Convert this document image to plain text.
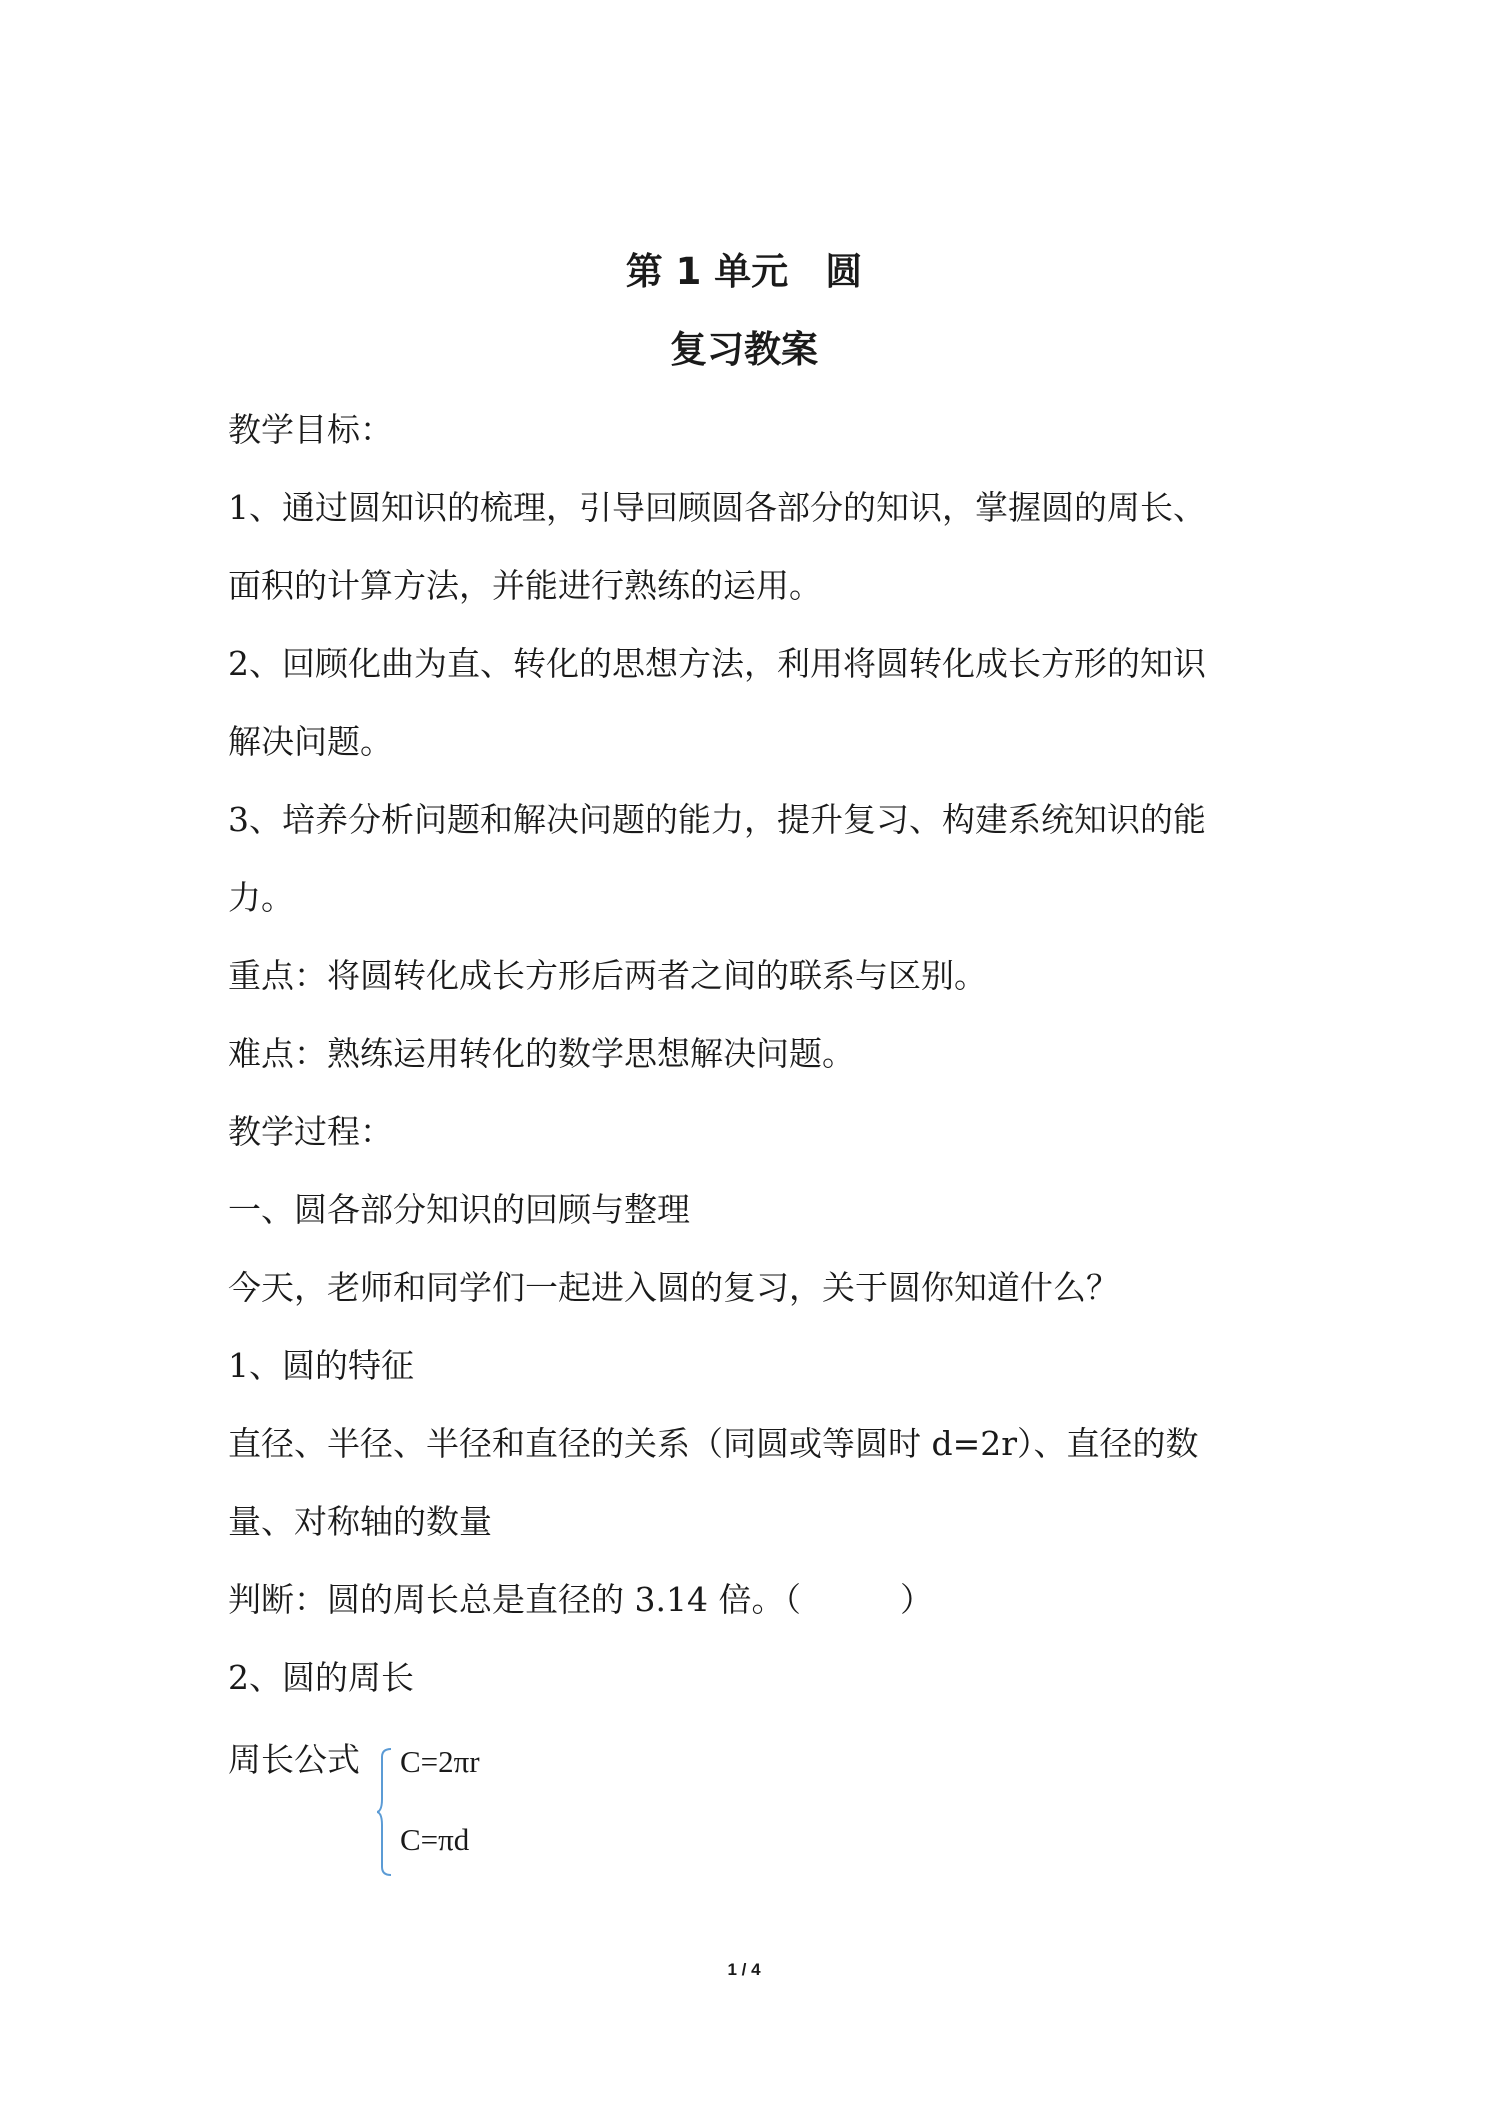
第 1 单元　圆
复习教案
教学目标：
1、通过圆知识的梳理，引导回顾圆各部分的知识，掌握圆的周长、
面积的计算方法，并能进行熟练的运用。
2、回顾化曲为直、转化的思想方法，利用将圆转化成长方形的知识
解决问题。
3、培养分析问题和解决问题的能力，提升复习、构建系统知识的能
力。
重点：将圆转化成长方形后两者之间的联系与区别。
难点：熟练运用转化的数学思想解决问题。
教学过程：
一、圆各部分知识的回顾与整理
今天，老师和同学们一起进入圆的复习，关于圆你知道什么？
1、圆的特征
直径、半径、半径和直径的关系（同圆或等圆时 d=2r）、直径的数
量、对称轴的数量
判断：圆的周长总是直径的 3.14 倍。（　　　）
2、圆的周长
周长公式 C=2πr
C=πd
1 / 4
